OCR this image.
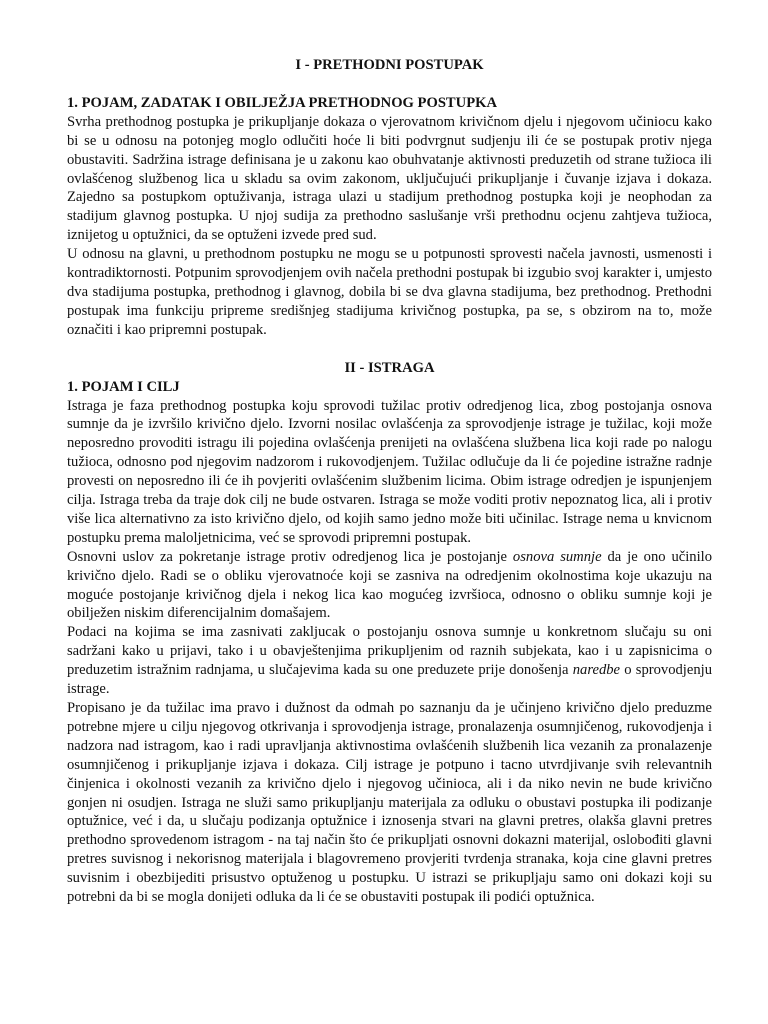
I - PRETHODNI POSTUPAK

1. POJAM, ZADATAK I OBILJEŽJA PRETHODNOG POSTUPKA

Svrha prethodnog postupka je prikupljanje dokaza o vjerovatnom krivičnom djelu i njegovom učiniocu kako bi se u odnosu na potonjeg moglo odlučiti hoće li biti podvrgnut sudjenju ili će se postupak protiv njega obustaviti. Sadržina istrage definisana je u zakonu kao obuhvatanje aktivnosti preduzetih od strane tužioca ili ovlašćenog službenog lica u skladu sa ovim zakonom, uključujući prikupljanje i čuvanje izjava i dokaza. Zajedno sa postupkom optuživanja, istraga ulazi u stadijum prethodnog postupka koji je neophodan za stadijum glavnog postupka. U njoj sudija za prethodno saslušanje vrši prethodnu ocjenu zahtjeva tužioca, iznijetog u optužnici, da se optuženi izvede pred sud.

U odnosu na glavni, u prethodnom postupku ne mogu se u potpunosti sprovesti načela javnosti, usmenosti i kontradiktornosti. Potpunim sprovodjenjem ovih načela prethodni postupak bi izgubio svoj karakter i, umjesto dva stadijuma postupka, prethodnog i glavnog, dobila bi se dva glavna stadijuma, bez prethodnog. Prethodni postupak ima funkciju pripreme središnjeg stadijuma krivičnog postupka, pa se, s obzirom na to, može označiti i kao pripremni postupak.

II - ISTRAGA

1. POJAM I CILJ

Istraga je faza prethodnog postupka koju sprovodi tužilac protiv odredjenog lica, zbog postojanja osnova sumnje da je izvršilo krivično djelo. Izvorni nosilac ovlašćenja za sprovodjenje istrage je tužilac, koji može neposredno provoditi istragu ili pojedina ovlašćenja prenijeti na ovlašćena službena lica koji rade po nalogu tužioca, odnosno pod njegovim nadzorom i rukovodjenjem. Tužilac odlučuje da li će pojedine istražne radnje provesti on neposredno ili će ih povjeriti ovlašćenim službenim licima. Obim istrage odredjen je ispunjenjem cilja. Istraga treba da traje dok cilj ne bude ostvaren. Istraga se može voditi protiv nepoznatog lica, ali i protiv više lica alternativno za isto krivično djelo, od kojih samo jedno može biti učinilac. Istrage nema u knvicnom postupku prema maloljetnicima, već se sprovodi pripremni postupak.

Osnovni uslov za pokretanje istrage protiv odredjenog lica je postojanje osnova sumnje da je ono učinilo krivično djelo. Radi se o obliku vjerovatnoće koji se zasniva na odredjenim okolnostima koje ukazuju na moguće postojanje krivičnog djela i nekog lica kao mogućeg izvršioca, odnosno o obliku sumnje koji je obilježen niskim diferencijalnim domašajem.

Podaci na kojima se ima zasnivati zakljucak o postojanju osnova sumnje u konkretnom slučaju su oni sadržani kako u prijavi, tako i u obavještenjima prikupljenim od raznih subjekata, kao i u zapisnicima o preduzetim istražnim radnjama, u slučajevima kada su one preduzete prije donošenja naredbe o sprovodjenju istrage.

Propisano je da tužilac ima pravo i dužnost da odmah po saznanju da je učinjeno krivično djelo preduzme potrebne mjere u cilju njegovog otkrivanja i sprovodjenja istrage, pronalazenja osumnjičenog, rukovodjenja i nadzora nad istragom, kao i radi upravljanja aktivnostima ovlašćenih službenih lica vezanih za pronalazenje osumnjičenog i prikupljanje izjava i dokaza. Cilj istrage je potpuno i tacno utvrdjivanje svih relevantnih činjenica i okolnosti vezanih za krivično djelo i njegovog učinioca, ali i da niko nevin ne bude krivično gonjen ni osudjen. Istraga ne služi samo prikupljanju materijala za odluku o obustavi postupka ili podizanje optužnice, već i da, u slučaju podizanja optužnice i iznosenja stvari na glavni pretres, olakša glavni pretres prethodno sprovedenom istragom - na taj način što će prikupljati osnovni dokazni materijal, oslobođiti glavni pretres suvisnog i nekorisnog materijala i blagovremeno provjeriti tvrdenja stranaka, koja cine glavni pretres suvisnim i obezbijediti prisustvo optuženog u postupku. U istrazi se prikupljaju samo oni dokazi koji su potrebni da bi se mogla donijeti odluka da li će se obustaviti postupak ili podići optužnica.
